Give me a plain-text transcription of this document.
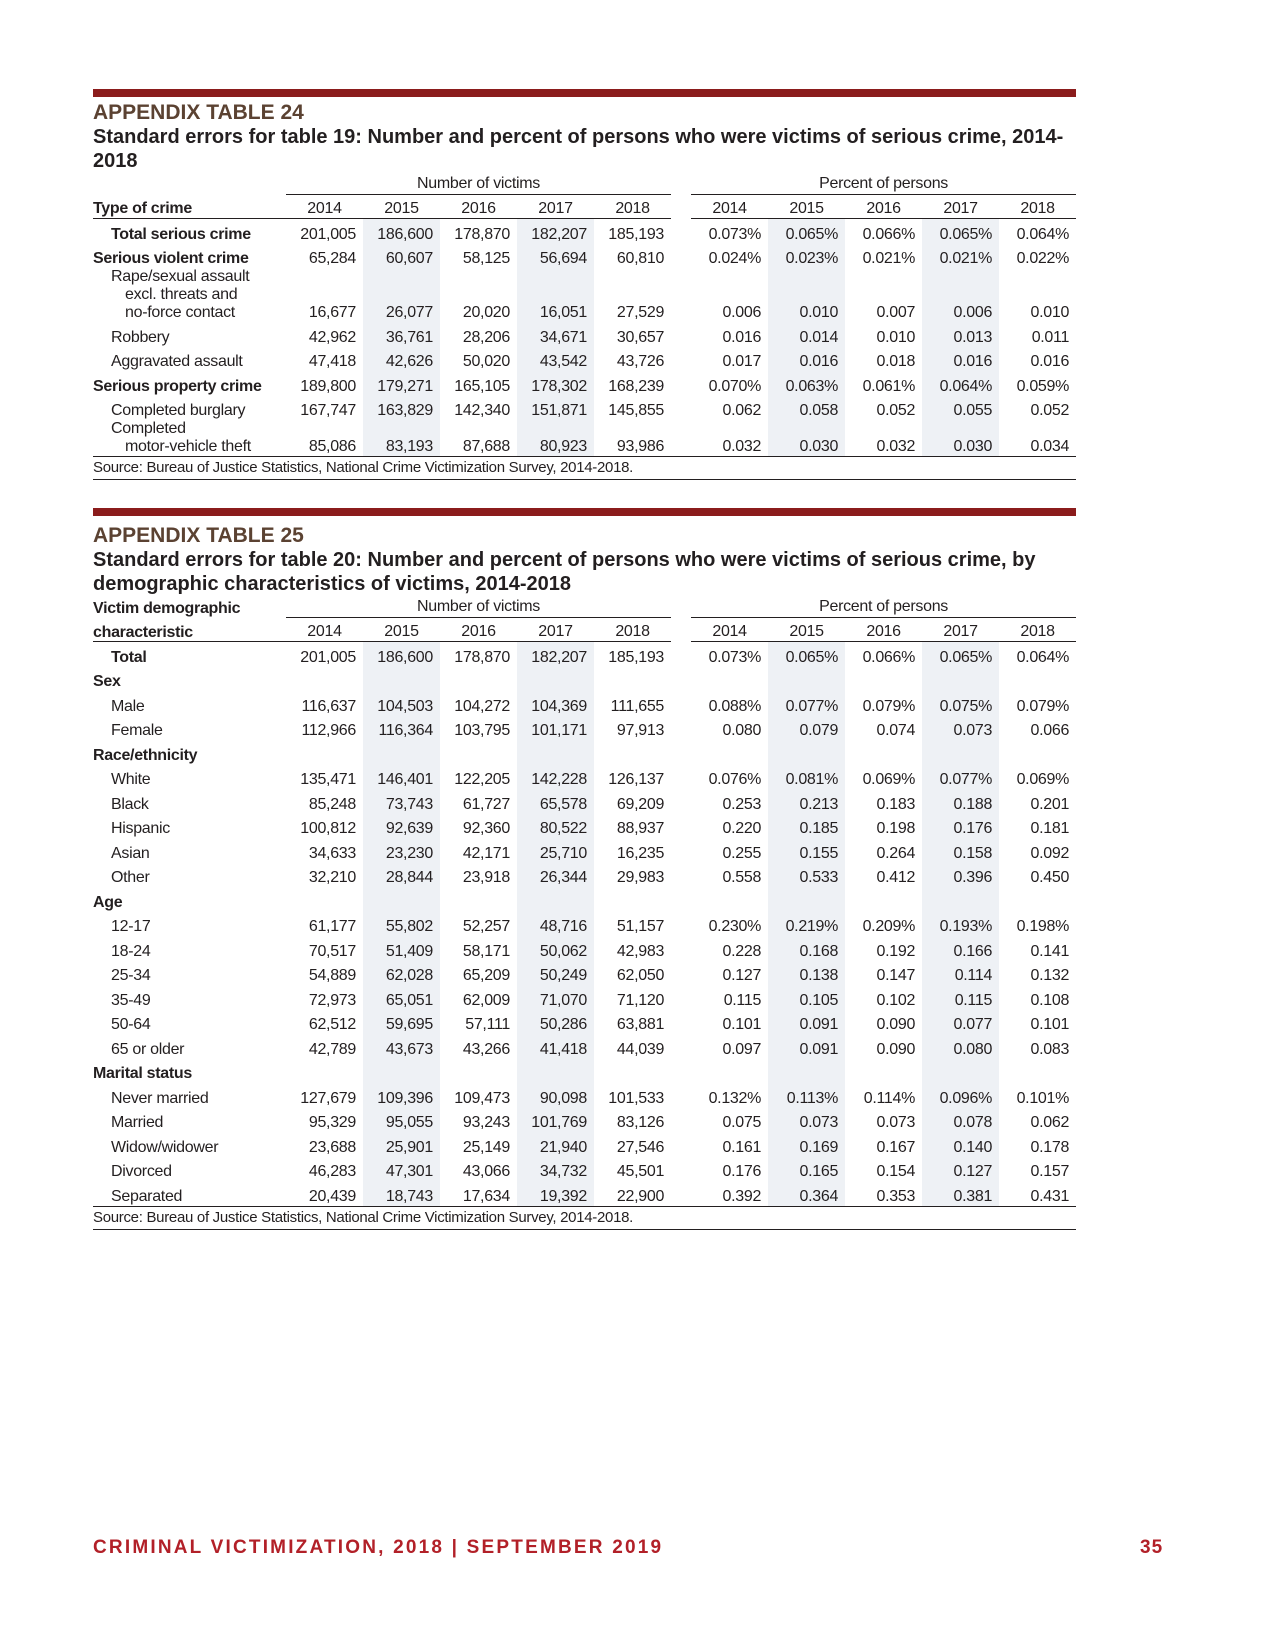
APPENDIX TABLE 24
Standard errors for table 19: Number and percent of persons who were victims of serious crime, 2014-2018

	Number of victims						Percent of persons				

Type of crime	2014	2015	2016	2017	2018		2014	2015	2016	2017	2018
Total serious crime	201,005	186,600	178,870	182,207	185,193		0.073%	0.065%	0.066%	0.065%	0.064%
Serious violent crime	65,284	60,607	58,125	56,694	60,810		0.024%	0.023%	0.021%	0.021%	0.022%

Rape/sexual assault
excl. threats and
no-force contact	16,677	26,077	20,020	16,051	27,529		0.006	0.010	0.007	0.006	0.010
Robbery	42,962	36,761	28,206	34,671	30,657		0.016	0.014	0.010	0.013	0.011
Aggravated assault	47,418	42,626	50,020	43,542	43,726		0.017	0.016	0.018	0.016	0.016
Serious property crime	189,800	179,271	165,105	178,302	168,239		0.070%	0.063%	0.061%	0.064%	0.059%
Completed burglary	167,747	163,829	142,340	151,871	145,855		0.062	0.058	0.052	0.055	0.052

Completed
motor-vehicle theft	85,086	83,193	87,688	80,923	93,986		0.032	0.030	0.032	0.030	0.034
Source: Bureau of Justice Statistics, National Crime Victimization Survey, 2014-2018.
APPENDIX TABLE 25
Standard errors for table 20: Number and percent of persons who were victims of serious crime, by
demographic characteristics of victims, 2014-2018
Victim demographic	Number of victims						Percent of persons				

characteristic	2014	2015	2016	2017	2018		2014	2015	2016	2017	2018
Total	201,005	186,600	178,870	182,207	185,193		0.073%	0.065%	0.066%	0.065%	0.064%
Sex											
Male	116,637	104,503	104,272	104,369	111,655		0.088%	0.077%	0.079%	0.075%	0.079%
Female	112,966	116,364	103,795	101,171	97,913		0.080	0.079	0.074	0.073	0.066
Race/ethnicity											
White	135,471	146,401	122,205	142,228	126,137		0.076%	0.081%	0.069%	0.077%	0.069%
Black	85,248	73,743	61,727	65,578	69,209		0.253	0.213	0.183	0.188	0.201
Hispanic	100,812	92,639	92,360	80,522	88,937		0.220	0.185	0.198	0.176	0.181
Asian	34,633	23,230	42,171	25,710	16,235		0.255	0.155	0.264	0.158	0.092
Other	32,210	28,844	23,918	26,344	29,983		0.558	0.533	0.412	0.396	0.450
Age											
12-17	61,177	55,802	52,257	48,716	51,157		0.230%	0.219%	0.209%	0.193%	0.198%
18-24	70,517	51,409	58,171	50,062	42,983		0.228	0.168	0.192	0.166	0.141
25-34	54,889	62,028	65,209	50,249	62,050		0.127	0.138	0.147	0.114	0.132
35-49	72,973	65,051	62,009	71,070	71,120		0.115	0.105	0.102	0.115	0.108
50-64	62,512	59,695	57,111	50,286	63,881		0.101	0.091	0.090	0.077	0.101
65 or older	42,789	43,673	43,266	41,418	44,039		0.097	0.091	0.090	0.080	0.083
Marital status											
Never married	127,679	109,396	109,473	90,098	101,533		0.132%	0.113%	0.114%	0.096%	0.101%
Married	95,329	95,055	93,243	101,769	83,126		0.075	0.073	0.073	0.078	0.062
Widow/widower	23,688	25,901	25,149	21,940	27,546		0.161	0.169	0.167	0.140	0.178
Divorced	46,283	47,301	43,066	34,732	45,501		0.176	0.165	0.154	0.127	0.157
Separated	20,439	18,743	17,634	19,392	22,900		0.392	0.364	0.353	0.381	0.431
Source: Bureau of Justice Statistics, National Crime Victimization Survey, 2014-2018.
CRIMINAL VICTIMIZATION, 2018 | SEPTEMBER 2019	35
